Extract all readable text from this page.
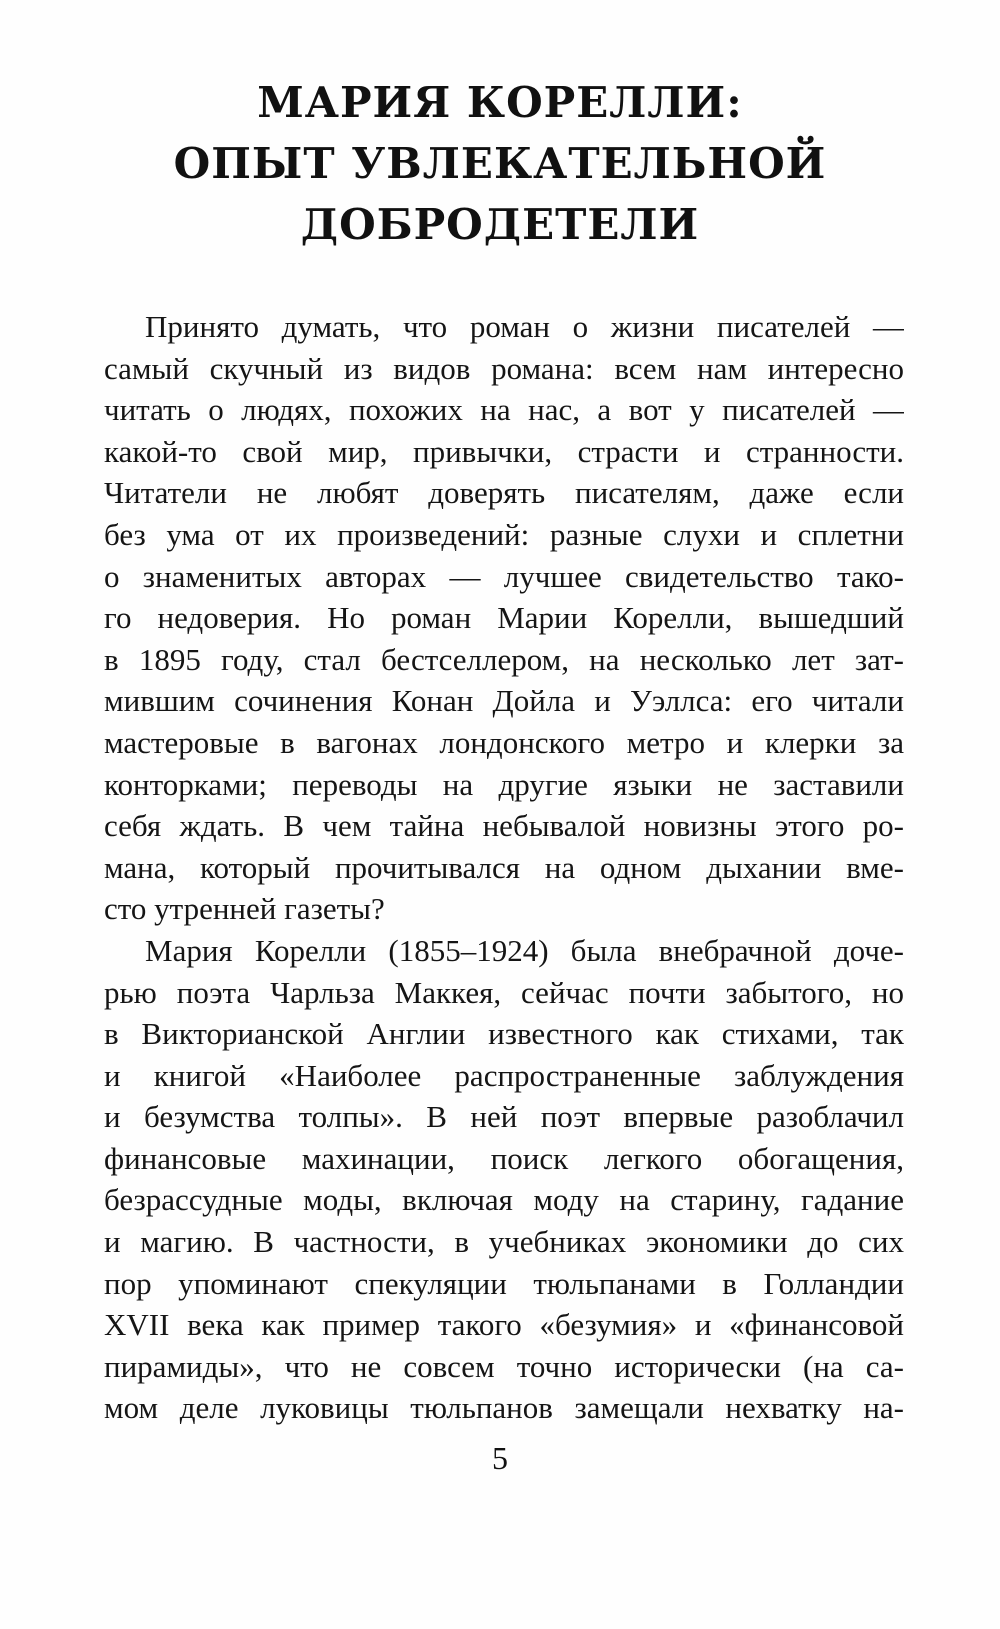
МАРИЯ КОРЕЛЛИ:
ОПЫТ УВЛЕКАТЕЛЬНОЙ
ДОБРОДЕТЕЛИ
Принято думать, что роман о жизни писателей —
самый скучный из видов романа: всем нам интересно
читать о людях, похожих на нас, а вот у писателей —
какой-то свой мир, привычки, страсти и странности.
Читатели не любят доверять писателям, даже если
без ума от их произведений: разные слухи и сплетни
о знаменитых авторах — лучшее свидетельство тако-
го недоверия. Но роман Марии Корелли, вышедший
в 1895 году, стал бестселлером, на несколько лет зат-
мившим сочинения Конан Дойла и Уэллса: его читали
мастеровые в вагонах лондонского метро и клерки за
конторками; переводы на другие языки не заставили
себя ждать. В чем тайна небывалой новизны этого ро-
мана, который прочитывался на одном дыхании вме-
сто утренней газеты?
Мария Корелли (1855–1924) была внебрачной доче-
рью поэта Чарльза Маккея, сейчас почти забытого, но
в Викторианской Англии известного как стихами, так
и книгой «Наиболее распространенные заблуждения
и безумства толпы». В ней поэт впервые разоблачил
финансовые махинации, поиск легкого обогащения,
безрассудные моды, включая моду на старину, гадание
и магию. В частности, в учебниках экономики до сих
пор упоминают спекуляции тюльпанами в Голландии
XVII века как пример такого «безумия» и «финансовой
пирамиды», что не совсем точно исторически (на са-
мом деле луковицы тюльпанов замещали нехватку на-
5
